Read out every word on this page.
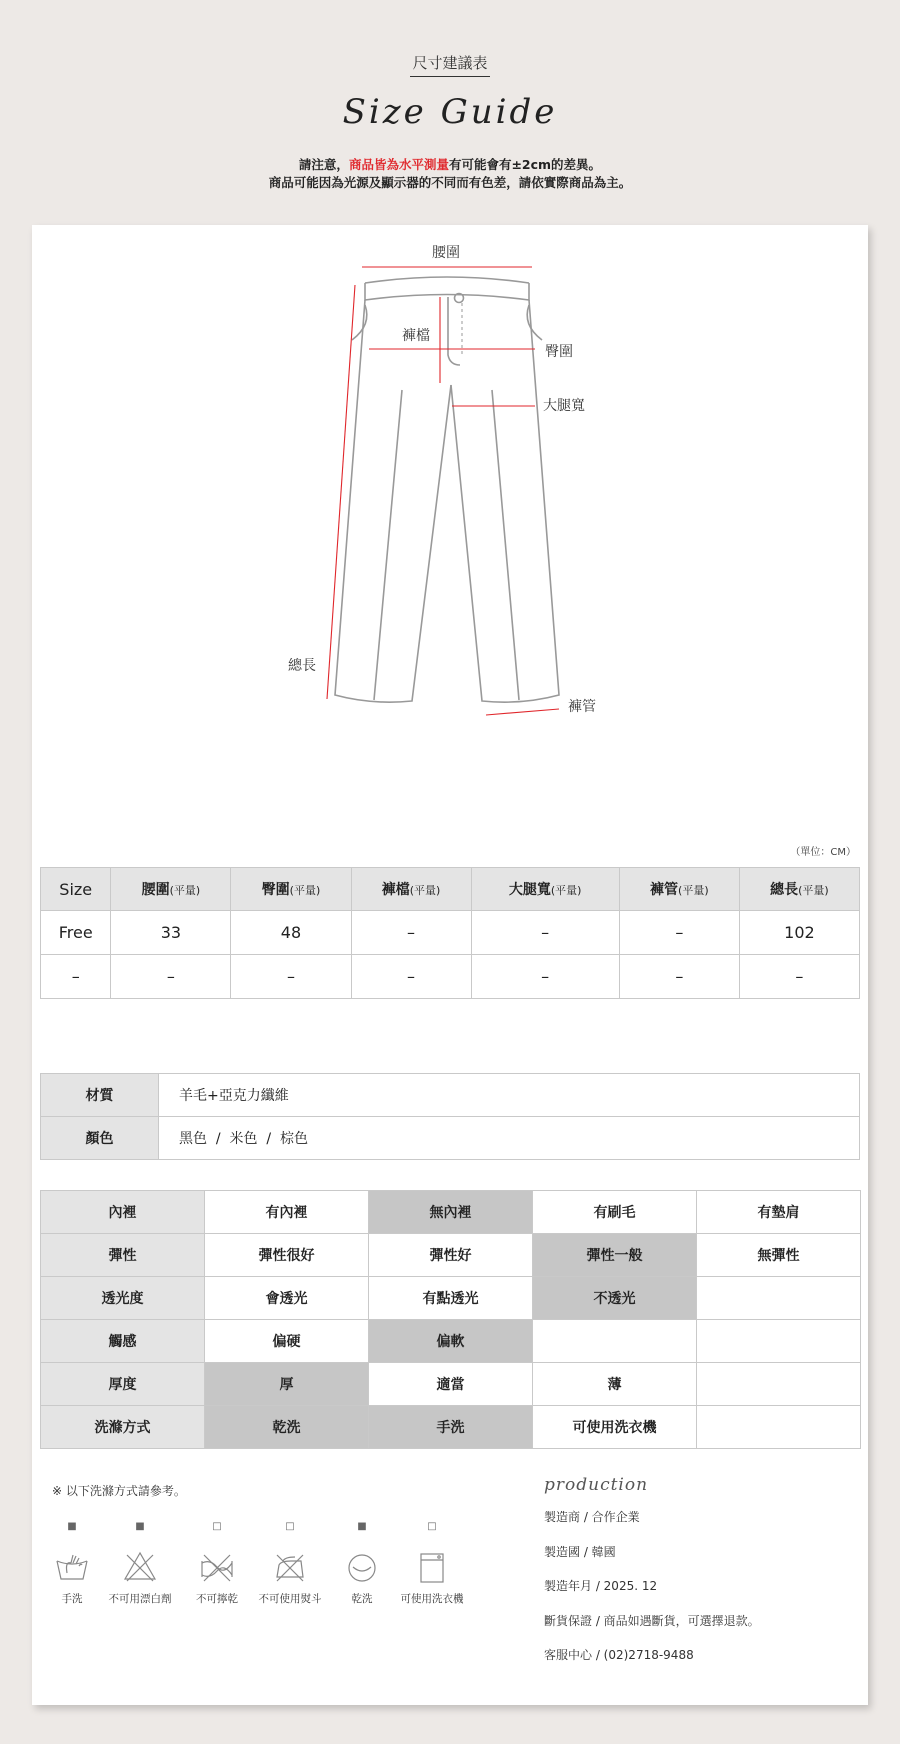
尺寸建議表
Size Guide
請注意，商品皆為水平測量有可能會有±2cm的差異。
商品可能因為光源及顯示器的不同而有色差，請依實際商品為主。
腰圍
褲檔
臀圍
大腿寬
總長
褲管
（單位：CM）
Size	腰圍(平量)	臀圍(平量)	褲檔(平量)	大腿寬(平量)	褲管(平量)	總長(平量)
Free	33	48	–	–	–	102
–	–	–	–	–	–	–
材質	羊毛+亞克力纖維
顏色	黑色  /  米色  /  棕色
內裡	有內裡	無內裡	有刷毛	有墊肩
彈性	彈性很好	彈性好	彈性一般	無彈性
透光度	會透光	有點透光	不透光	
觸感	偏硬	偏軟		
厚度	厚	適當	薄	
洗滌方式	乾洗	手洗	可使用洗衣機	
※ 以下洗滌方式請參考。
■
手洗
■
不可用漂白劑
□
不可擰乾
□
不可使用熨斗
■
乾洗
□
可使用洗衣機
production
製造商 / 合作企業
製造國 / 韓國
製造年月 / 2025. 12
斷貨保證 / 商品如遇斷貨，可選擇退款。
客服中心 / (02)2718-9488
